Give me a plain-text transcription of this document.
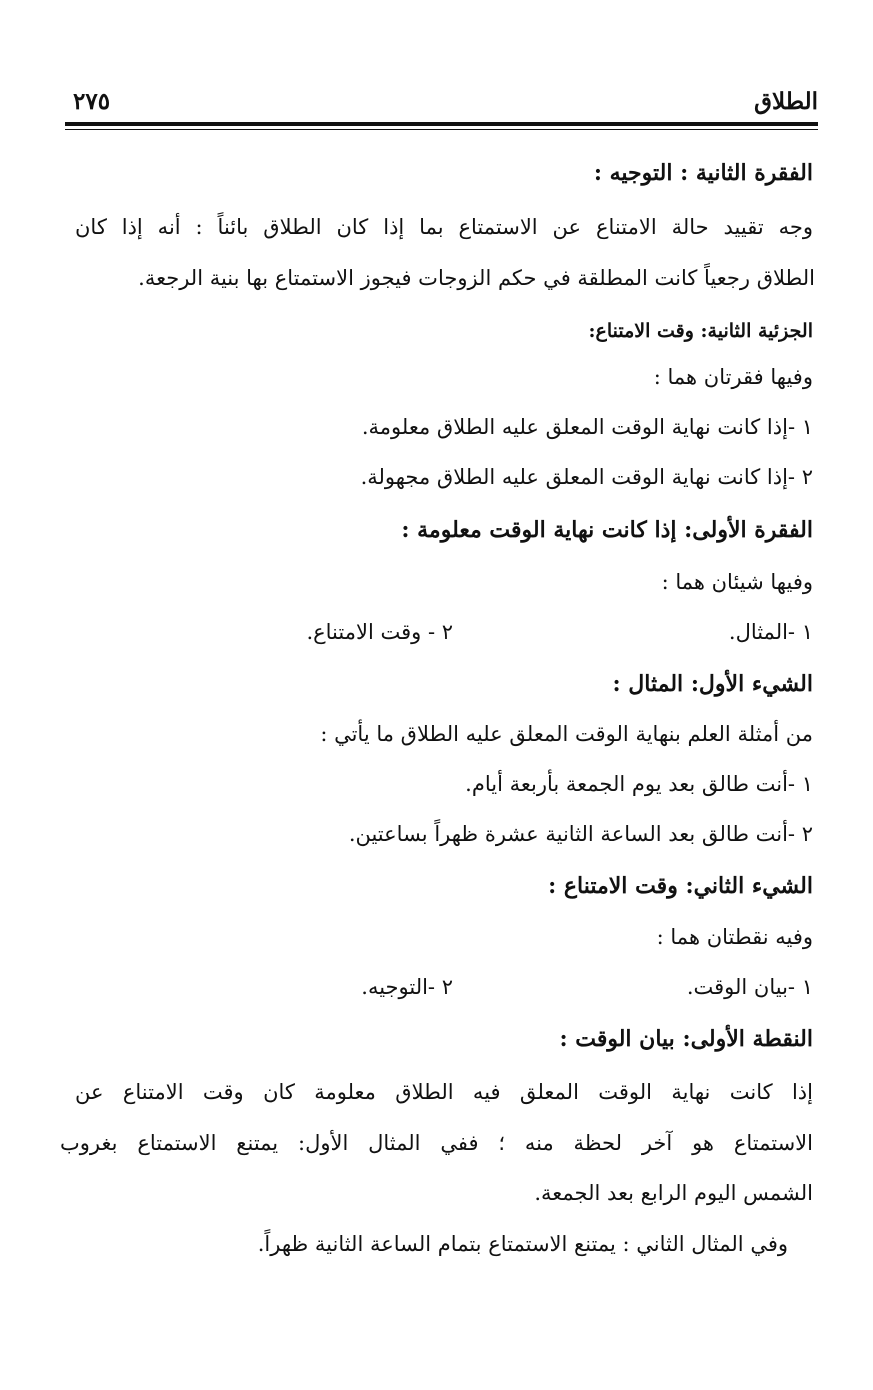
الطلاق
٢٧٥
الفقرة الثانية : التوجيه :
وجه تقييد حالة الامتناع عن الاستمتاع بما إذا كان الطلاق بائناً : أنه إذا كان
الطلاق رجعياً كانت المطلقة في حكم الزوجات فيجوز الاستمتاع بها بنية الرجعة.
الجزئية الثانية: وقت الامتناع:
وفيها فقرتان هما :
١ -إذا كانت نهاية الوقت المعلق عليه الطلاق معلومة.
٢ -إذا كانت نهاية الوقت المعلق عليه الطلاق مجهولة.
الفقرة الأولى: إذا كانت نهاية الوقت معلومة :
وفيها شيئان هما :
١ -المثال.
٢ - وقت الامتناع.
الشيء الأول: المثال :
من أمثلة العلم بنهاية الوقت المعلق عليه الطلاق ما يأتي :
١ -أنت طالق بعد يوم الجمعة بأربعة أيام.
٢ -أنت طالق بعد الساعة الثانية عشرة ظهراً بساعتين.
الشيء الثاني: وقت الامتناع :
وفيه نقطتان هما :
١ -بيان الوقت.
٢ -التوجيه.
النقطة الأولى: بيان الوقت :
إذا كانت نهاية الوقت المعلق فيه الطلاق معلومة كان وقت الامتناع عن
الاستمتاع هو آخر لحظة منه ؛ ففي المثال الأول: يمتنع الاستمتاع بغروب
الشمس اليوم الرابع بعد الجمعة.
وفي المثال الثاني : يمتنع الاستمتاع بتمام الساعة الثانية ظهراً.
